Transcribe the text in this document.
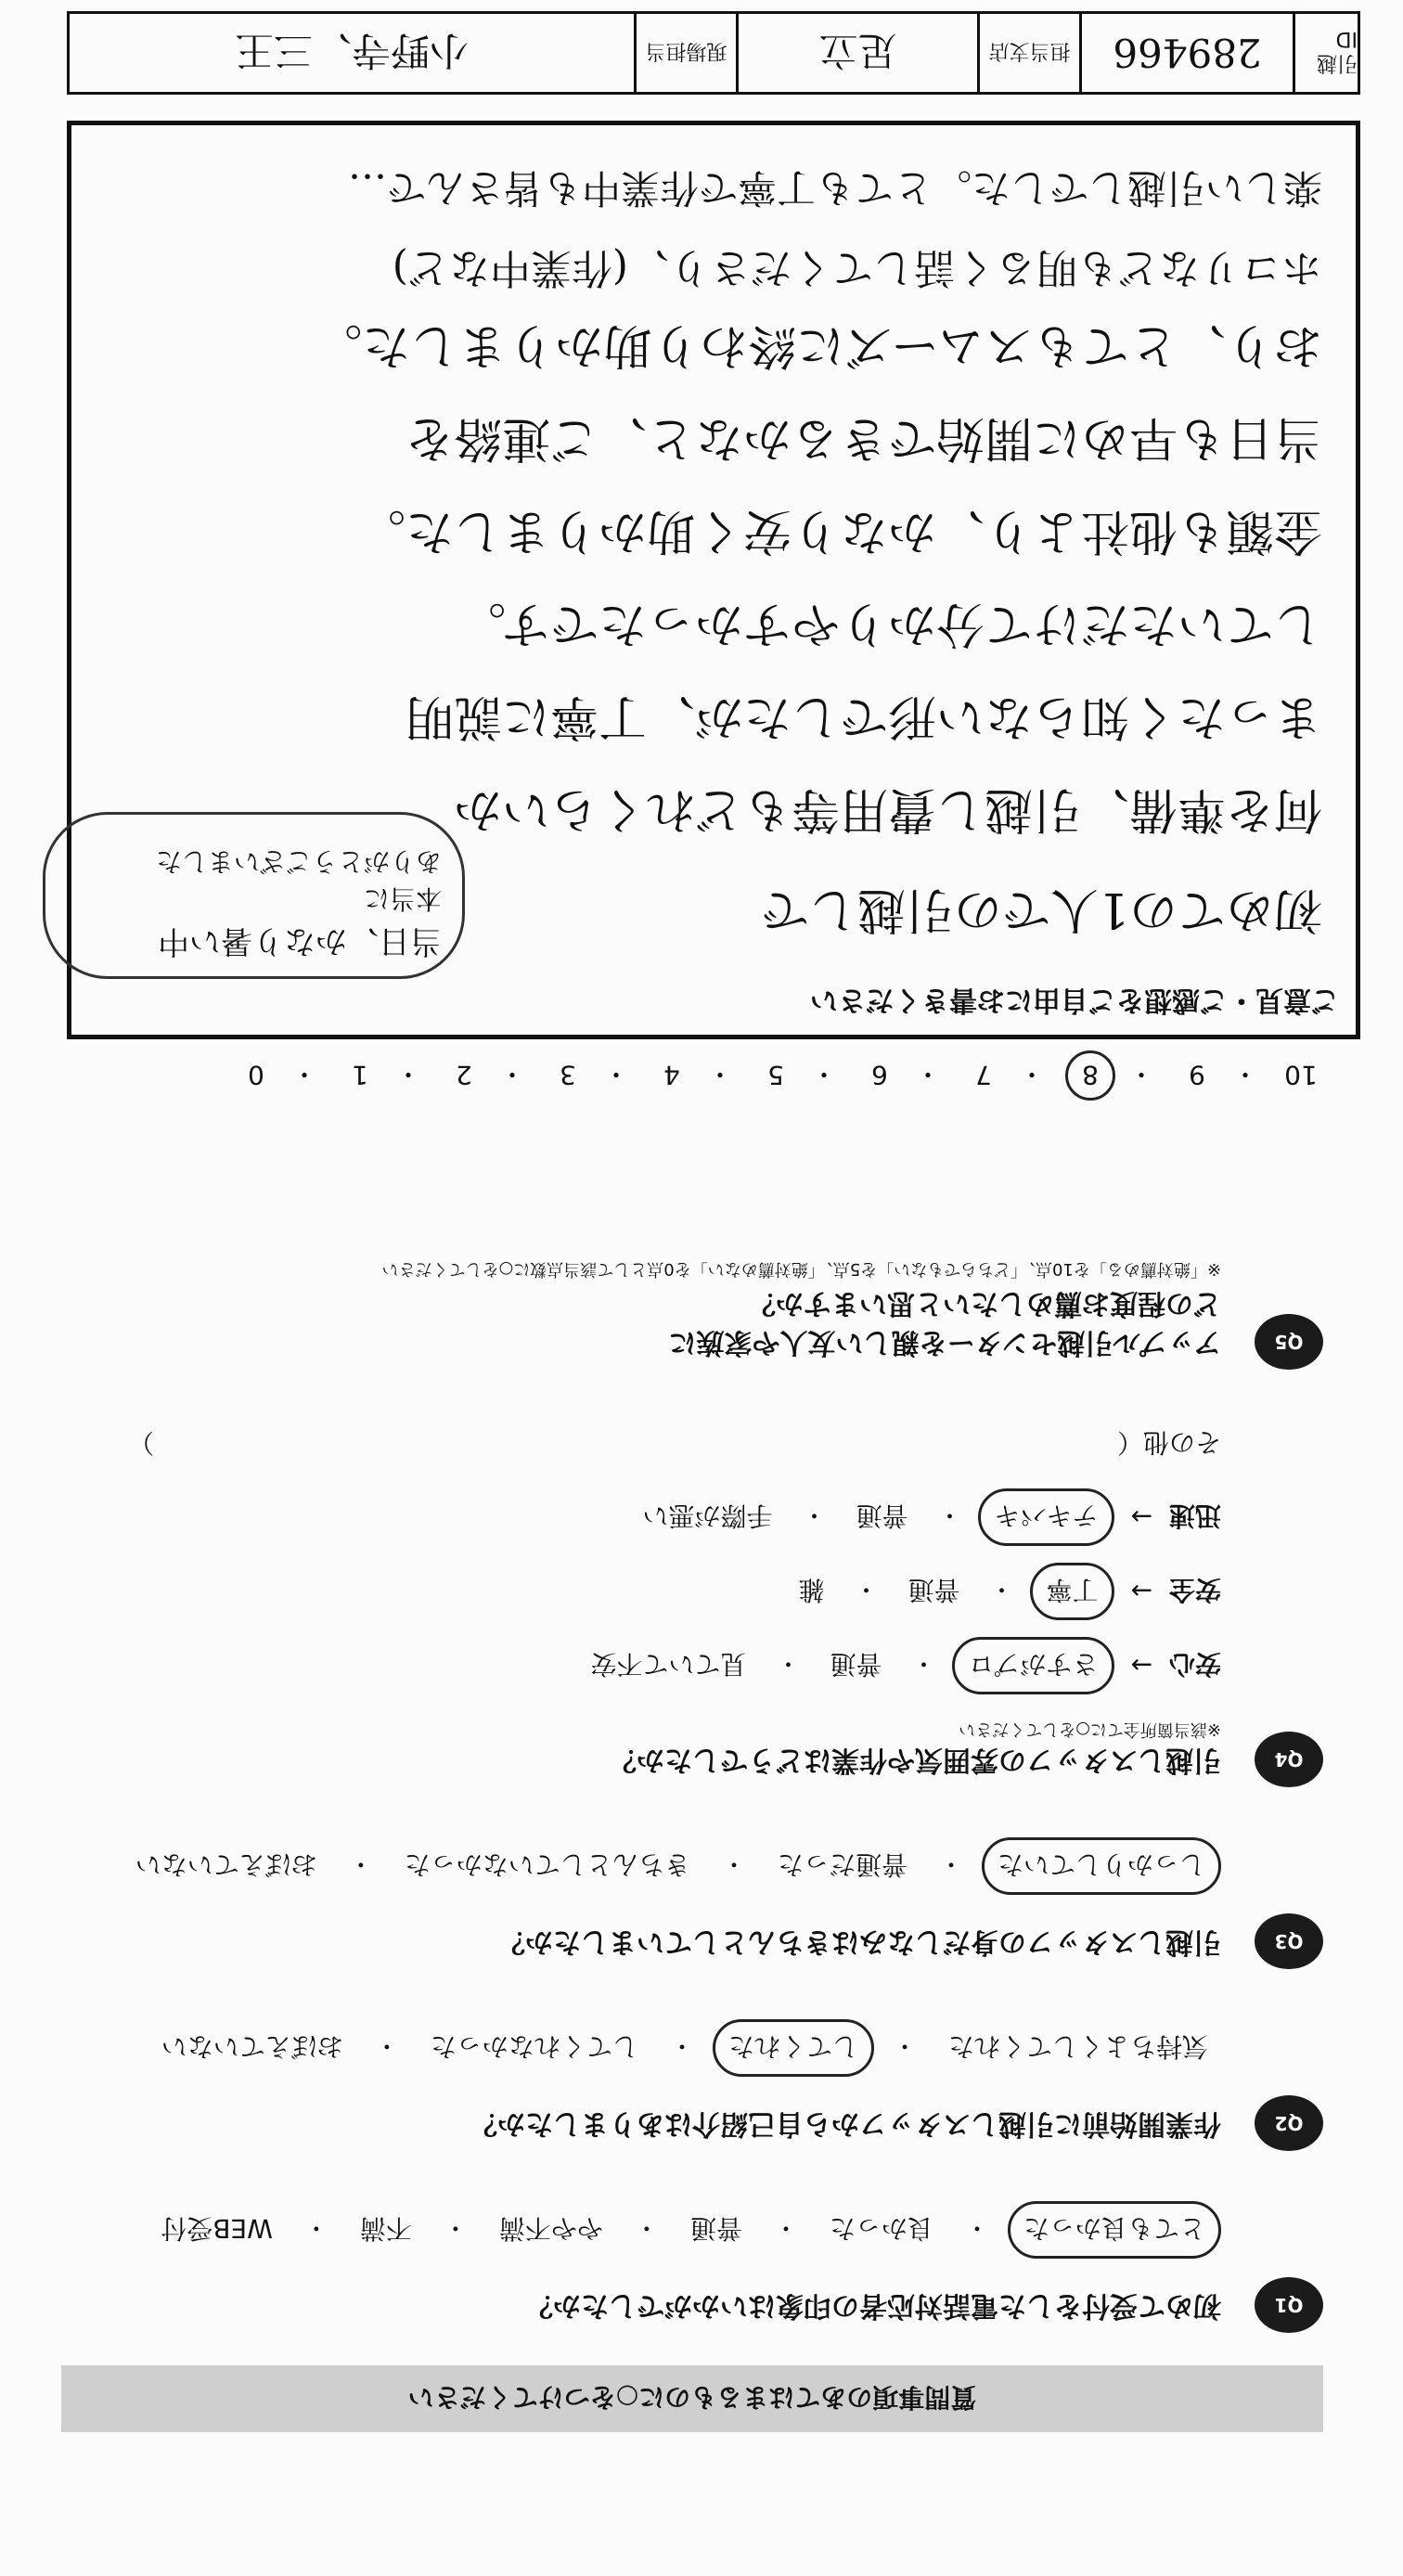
引越ID
289466
担当支店
足立
現場担当
小野寺、三王
質問事項のあてはまるものに○をつけてください
Q1
初めて受付をした電話対応者の印象はいかがでしたか？
とても良かった
・
良かった
・
普通
・
やや不満
・
不満
・
WEB受付
Q2
作業開始前に引越しスタッフから自己紹介はありましたか？
気持ちよくしてくれた
・
してくれた
・
してくれなかった
・
おぼえていない
Q3
引越しスタッフの身だしなみはきちんとしていましたか？
しっかりしていた
・
普通だった
・
きちんとしていなかった
・
おぼえていない
Q4
引越しスタッフの雰囲気や作業はどうでしたか？
※該当箇所全てに○をしてください
安心
→
さすがプロ
・
普通
・
見ていて不安
安全
→
丁寧
・
普通
・
雑
迅速
→
テキパキ
・
普通
・
手際が悪い
その他（  ）
Q5
アップル引越センターを親しい友人や家族に
どの程度お薦めしたいと思いますか？
※「絶対薦める」を10点、「どちらでもない」を5点、「絶対薦めない」を0点として該当点数に○をしてください
10
・
9
・
8
・
7
・
6
・
5
・
4
・
3
・
2
・
1
・
0
ご意見・ご感想をご自由にお書きください
当日、かなり暑い中
本当に
ありがとうございました
初めての1人での引越しで
何を準備、引越し費用等もどれくらいか
まったく知らない形でしたが、丁寧に説明
していただけて分かりやすかったです。
金額も他社より、かなり安く助かりました。
当日も早めに開始できるかなと、ご連絡を
おり、とてもスムーズに終わり助かりました。
ホコリなども明るく話してくださり、(作業中など)
楽しい引越しでした。とても丁寧で作業中も皆さんで…
